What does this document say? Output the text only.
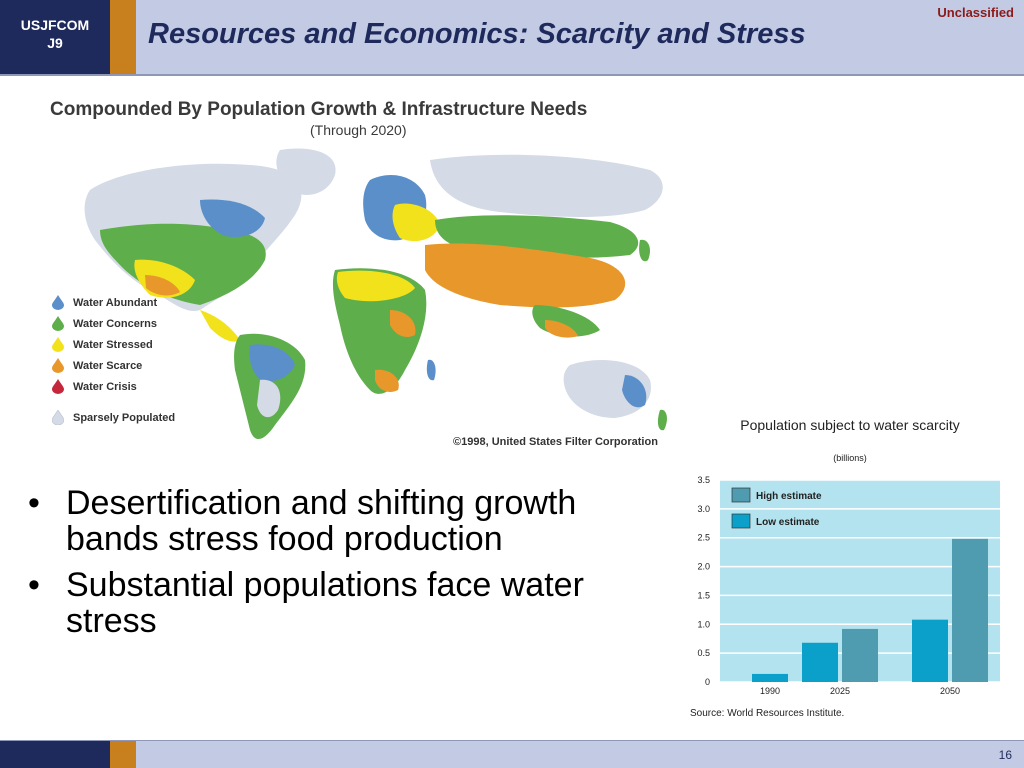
USJFCOM
J9
Unclassified
Resources and Economics: Scarcity and Stress
Compounded By Population Growth & Infrastructure Needs
(Through 2020)
Water Abundant
Water Concerns
Water Stressed
Water Scarce
Water Crisis
Sparsely Populated
©1998, United States Filter Corporation
• Desertification and shifting growth bands stress food production
• Substantial populations face water stress
Population subject to water scarcity
(billions)
0
0.5
1.0
1.5
2.0
2.5
3.0
3.5
1990	2025	2050
High estimate
Low estimate
Source: World Resources Institute.
16
